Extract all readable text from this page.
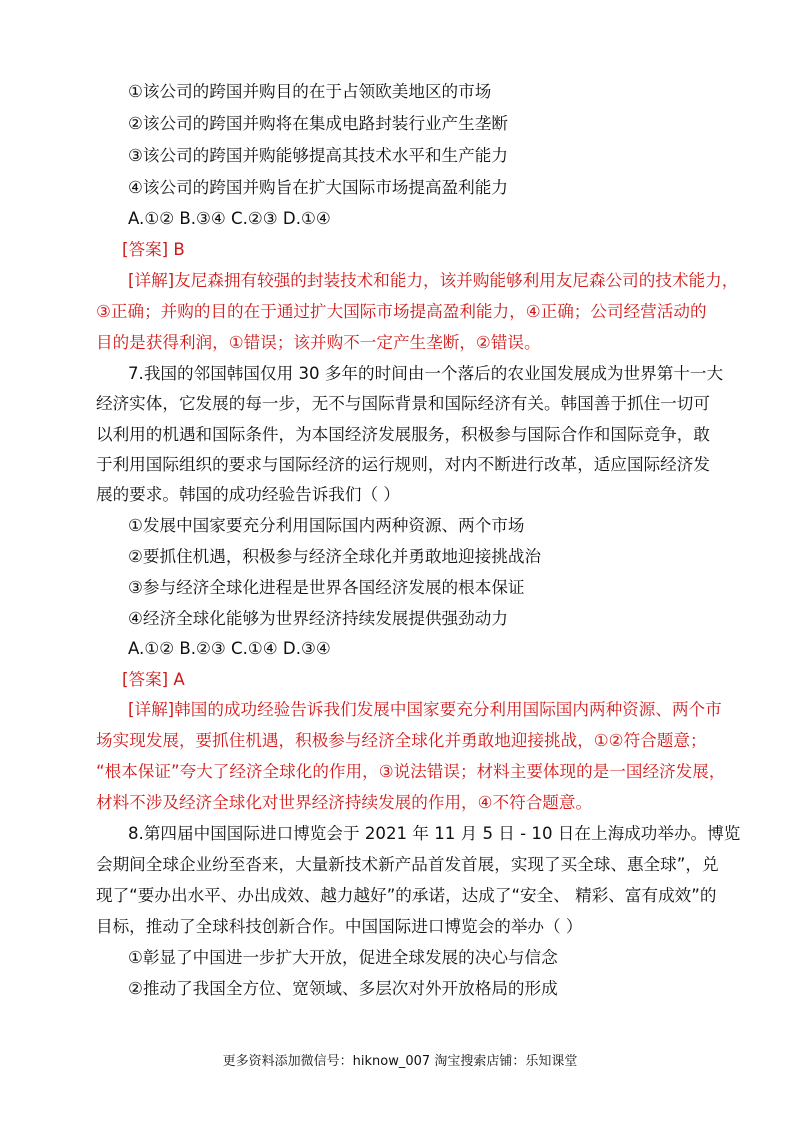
①该公司的跨国并购目的在于占领欧美地区的市场
②该公司的跨国并购将在集成电路封装行业产生垄断
③该公司的跨国并购能够提高其技术水平和生产能力
④该公司的跨国并购旨在扩大国际市场提高盈利能力
A.①② B.③④ C.②③ D.①④
[答案] B
[详解]友尼森拥有较强的封装技术和能力，该并购能够利用友尼森公司的技术能力，
③正确；并购的目的在于通过扩大国际市场提高盈利能力，④正确；公司经营活动的
目的是获得利润，①错误；该并购不一定产生垄断，②错误。
7.我国的邻国韩国仅用 30 多年的时间由一个落后的农业国发展成为世界第十一大
经济实体，它发展的每一步，无不与国际背景和国际经济有关。韩国善于抓住一切可
以利用的机遇和国际条件，为本国经济发展服务，积极参与国际合作和国际竞争，敢
于利用国际组织的要求与国际经济的运行规则，对内不断进行改革，适应国际经济发
展的要求。韩国的成功经验告诉我们（ ）
①发展中国家要充分利用国际国内两种资源、两个市场
②要抓住机遇，积极参与经济全球化并勇敢地迎接挑战治
③参与经济全球化进程是世界各国经济发展的根本保证
④经济全球化能够为世界经济持续发展提供强劲动力
A.①② B.②③ C.①④ D.③④
[答案] A
[详解]韩国的成功经验告诉我们发展中国家要充分利用国际国内两种资源、两个市
场实现发展，要抓住机遇，积极参与经济全球化并勇敢地迎接挑战，①②符合题意；
“根本保证”夸大了经济全球化的作用，③说法错误；材料主要体现的是一国经济发展，
材料不涉及经济全球化对世界经济持续发展的作用，④不符合题意。
8.第四届中国国际进口博览会于 2021 年 11 月 5 日 - 10 日在上海成功举办。博览
会期间全球企业纷至沓来，大量新技术新产品首发首展，实现了买全球、惠全球”，兑
现了“要办出水平、办出成效、越力越好”的承诺，达成了“安全、 精彩、富有成效”的
目标，推动了全球科技创新合作。中国国际进口博览会的举办（ ）
①彰显了中国进一步扩大开放，促进全球发展的决心与信念
②推动了我国全方位、宽领域、多层次对外开放格局的形成
更多资料添加微信号：hiknow_007 淘宝搜索店铺：乐知课堂
